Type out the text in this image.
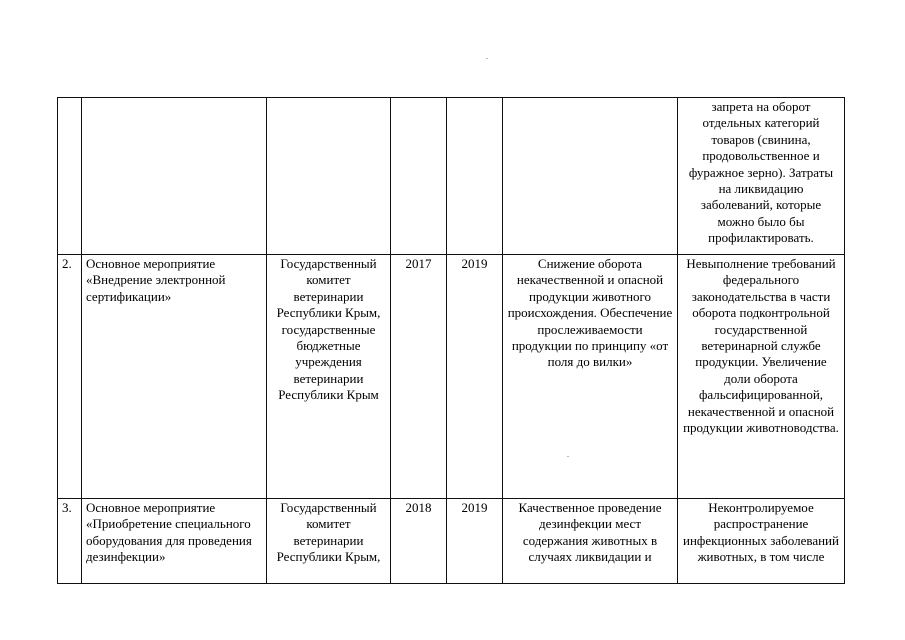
						запрета на оборот отдельных категорий товаров (свинина, продовольственное и фуражное зерно). Затраты на ликвидацию заболеваний, которые можно было бы профилактировать.
2.	Основное мероприятие «Внедрение электронной сертификации»	Государственный комитет ветеринарии Республики Крым, государственные бюджетные учреждения ветеринарии Республики Крым	2017	2019	Снижение оборота некачественной и опасной продукции животного происхождения. Обеспечение прослеживаемости продукции по принципу «от поля до вилки»	Невыполнение требований федерального законодательства в части оборота подконтрольной государственной ветеринарной службе продукции. Увеличение доли оборота фальсифицированной, некачественной и опасной продукции животноводства.
3.	Основное мероприятие «Приобретение специального оборудования для проведения дезинфекции»	Государственный комитет ветеринарии Республики Крым,	2018	2019	Качественное проведение дезинфекции мест содержания животных в случаях ликвидации и	Неконтролируемое распространение инфекционных заболеваний животных, в том числе
